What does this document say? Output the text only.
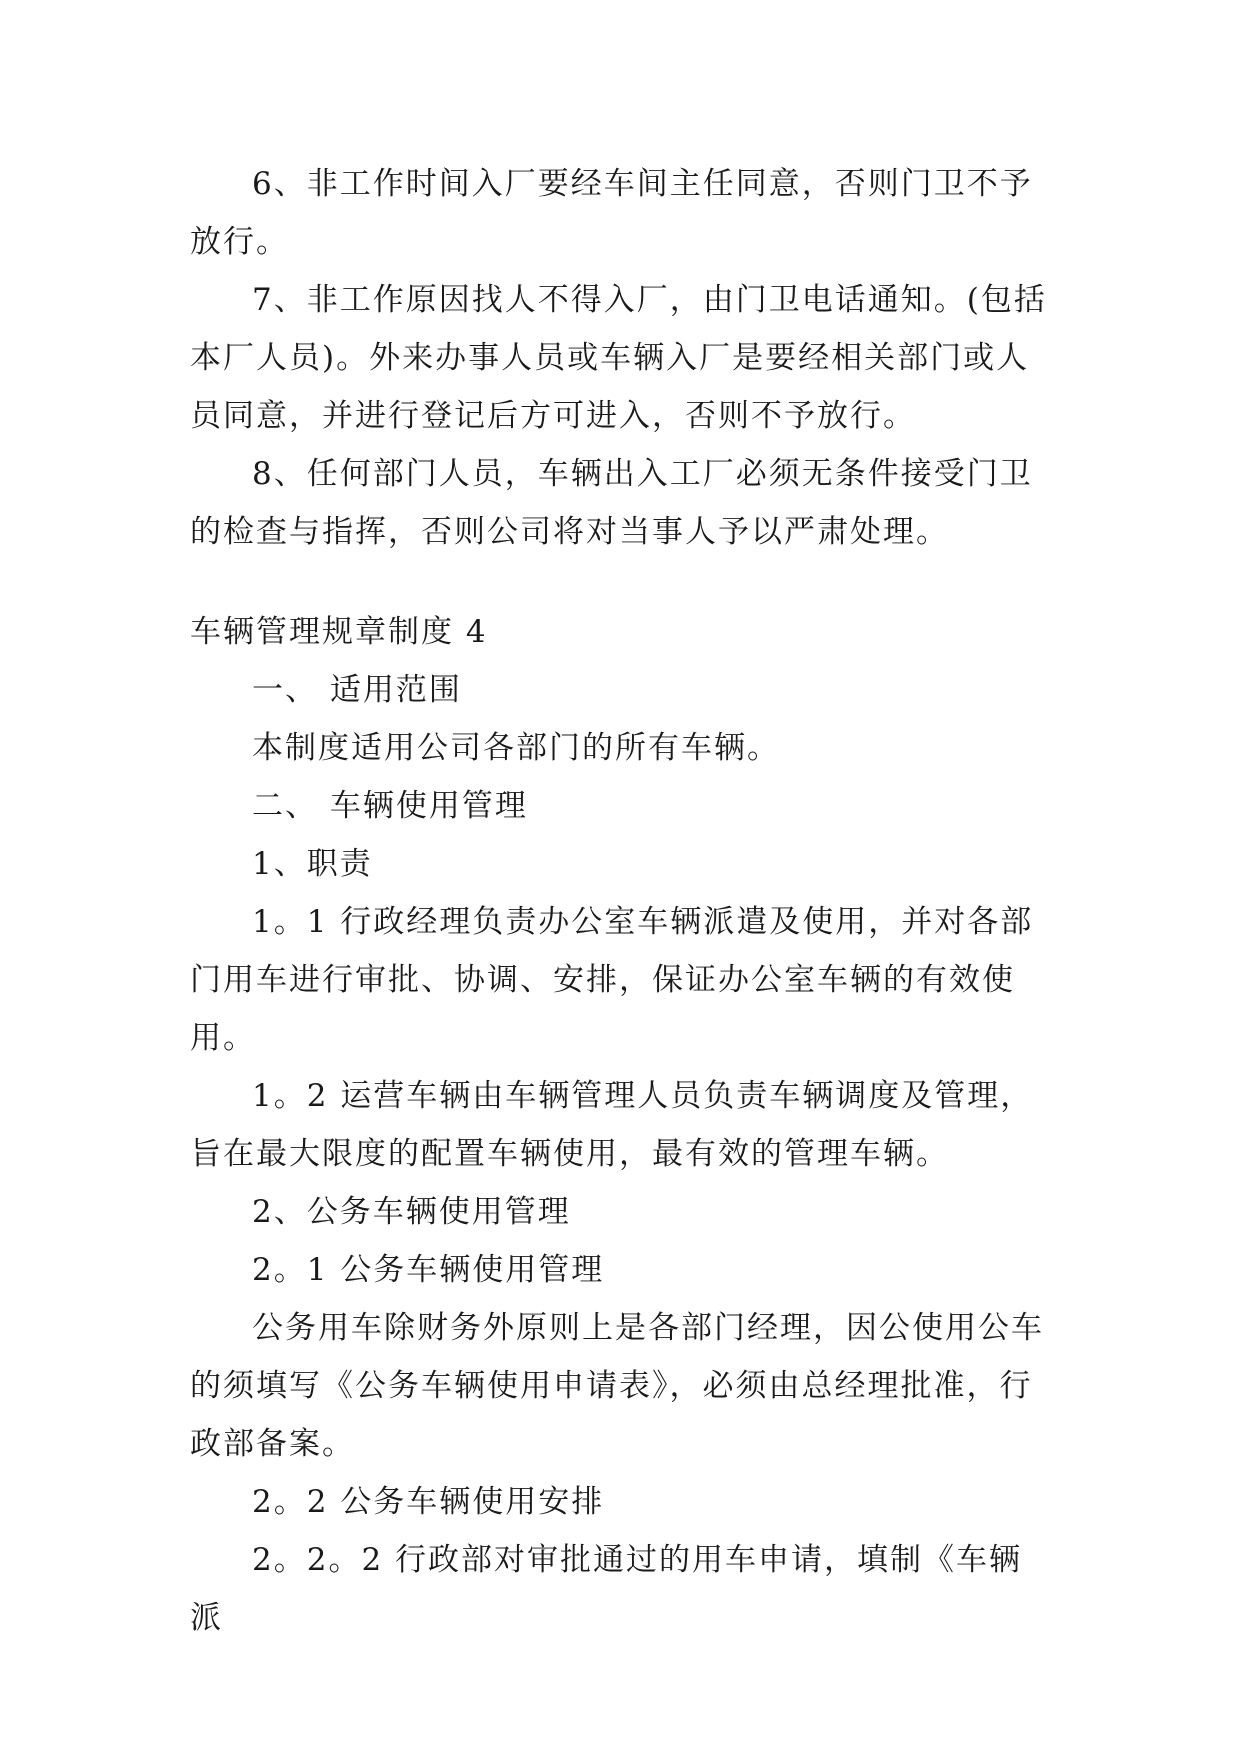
6、非工作时间入厂要经车间主任同意，否则门卫不予
放行。

7、非工作原因找人不得入厂，由门卫电话通知。(包括
本厂人员)。外来办事人员或车辆入厂是要经相关部门或人
员同意，并进行登记后方可进入，否则不予放行。

8、任何部门人员，车辆出入工厂必须无条件接受门卫
的检查与指挥，否则公司将对当事人予以严肃处理。

车辆管理规章制度 4

一、 适用范围

本制度适用公司各部门的所有车辆。

二、 车辆使用管理

1、职责

1。1 行政经理负责办公室车辆派遣及使用，并对各部
门用车进行审批、协调、安排，保证办公室车辆的有效使用。

1。2 运营车辆由车辆管理人员负责车辆调度及管理，
旨在最大限度的配置车辆使用，最有效的管理车辆。

2、公务车辆使用管理

2。1 公务车辆使用管理

公务用车除财务外原则上是各部门经理，因公使用公车
的须填写《公务车辆使用申请表》，必须由总经理批准，行
政部备案。

2。2 公务车辆使用安排

2。2。2 行政部对审批通过的用车申请，填制《车辆派
